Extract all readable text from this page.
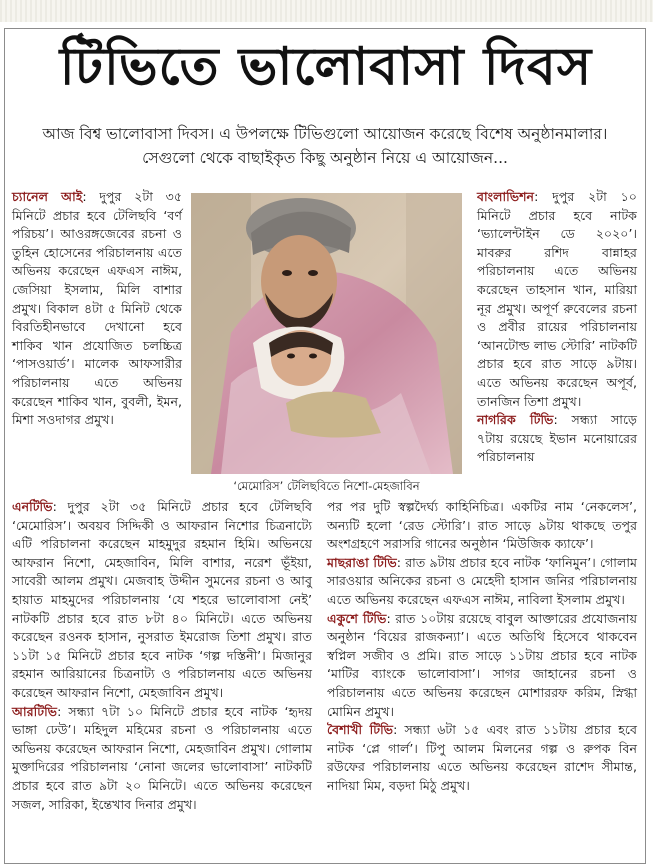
টিভিতে ভালোবাসা দিবস
আজ বিশ্ব ভালোবাসা দিবস। এ উপলক্ষে টিভিগুলো আয়োজন করেছে বিশেষ অনুষ্ঠানমালার। সেগুলো থেকে বাছাইকৃত কিছু অনুষ্ঠান নিয়ে এ আয়োজন...
‘মেমোরিস’ টেলিছবিতে নিশো-মেহজাবিন

চ্যানেল আই: দুপুর ২টা ৩৫ মিনিটে প্রচার হবে টেলিছবি ‘বর্ণ পরিচয়’। আওরঙ্গজেবের রচনা ও তুহিন হোসেনের পরিচালনায় এতে অভিনয় করেছেন এফএস নাঈম, জেসিয়া ইসলাম, মিলি বাশার প্রমুখ। বিকাল ৪টা ৫ মিনিট থেকে বিরতিহীনভাবে দেখানো হবে শাকিব খান প্রযোজিত চলচ্চিত্র ‘পাসওয়ার্ড’। মালেক আফসারীর পরিচালনায় এতে অভিনয় করেছেন শাকিব খান, বুবলী, ইমন, মিশা সওদাগর প্রমুখ।

বাংলাভিশন: দুপুর ২টা ১০ মিনিটে প্রচার হবে নাটক ‘ভ্যালেন্টাইন ডে ২০২০’। মাবরুর রশিদ বান্নাহর পরিচালনায় এতে অভিনয় করেছেন তাহসান খান, মারিয়া নূর প্রমুখ। অপূর্ণ রুবেলের রচনা ও প্রবীর রায়ের পরিচালনায় ‘আনটোল্ড লাভ স্টোরি’ নাটকটি প্রচার হবে রাত সাড়ে ৯টায়। এতে অভিনয় করেছেন অপূর্ব, তানজিন তিশা প্রমুখ।

নাগরিক টিভি: সন্ধ্যা সাড়ে ৭টায় রয়েছে ইভান মনোয়ারের পরিচালনায়

এনটিভি: দুপুর ২টা ৩৫ মিনিটে প্রচার হবে টেলিছবি ‘মেমোরিস’। অবয়ব সিদ্দিকী ও আফরান নিশোর চিত্রনাট্যে এটি পরিচালনা করেছেন মাহমুদুর রহমান হিমি। অভিনয়ে আফরান নিশো, মেহজাবিন, মিলি বাশার, নরেশ ভূঁইয়া, সাবেরী আলম প্রমুখ। মেজবাহ উদ্দীন সুমনের রচনা ও আবু হায়াত মাহমুদের পরিচালনায় ‘যে শহরে ভালোবাসা নেই’ নাটকটি প্রচার হবে রাত ৮টা ৪০ মিনিটে। এতে অভিনয় করেছেন রওনক হাসান, নুসরাত ইমরোজ তিশা প্রমুখ। রাত ১১টা ১৫ মিনিটে প্রচার হবে নাটক ‘গল্প দস্তিনী’। মিজানুর রহমান আরিয়ানের চিত্রনাট্য ও পরিচালনায় এতে অভিনয় করেছেন আফরান নিশো, মেহজাবিন প্রমুখ।

আরটিভি: সন্ধ্যা ৭টা ১০ মিনিটে প্রচার হবে নাটক ‘হৃদয় ভাঙ্গা ঢেউ’। মহিদুল মহিমের রচনা ও পরিচালনায় এতে অভিনয় করেছেন আফরান নিশো, মেহজাবিন প্রমুখ। গোলাম মুক্তাদিরের পরিচালনায় ‘নোনা জলের ভালোবাসা’ নাটকটি প্রচার হবে রাত ৯টা ২০ মিনিটে। এতে অভিনয় করেছেন সজল, সারিকা, ইন্তেখাব দিনার প্রমুখ।

পর পর দুটি স্বল্পদৈর্ঘ্য কাহিনিচিত্র। একটির নাম ‘নেকলেস’, অন্যটি হলো ‘রেড স্টোরি’। রাত সাড়ে ৯টায় থাকছে তপুর অংশগ্রহণে সরাসরি গানের অনুষ্ঠান ‘মিউজিক ক্যাফে’।

মাছরাঙা টিভি: রাত ৯টায় প্রচার হবে নাটক ‘ফানিমুন’। গোলাম সারওয়ার অনিকের রচনা ও মেহেদী হাসান জনির পরিচালনায় এতে অভিনয় করেছেন এফএস নাঈম, নাবিলা ইসলাম প্রমুখ।

একুশে টিভি: রাত ১০টায় রয়েছে বাবুল আক্তারের প্রযোজনায় অনুষ্ঠান ‘বিয়ের রাজকন্যা’। এতে অতিথি হিসেবে থাকবেন স্বপ্নিল সজীব ও প্রমি। রাত সাড়ে ১১টায় প্রচার হবে নাটক ‘মাটির ব্যাংকে ভালোবাসা’। সাগর জাহানের রচনা ও পরিচালনায় এতে অভিনয় করেছেন মোশাররফ করিম, স্নিগ্ধা মোমিন প্রমুখ।

বৈশাখী টিভি: সন্ধ্যা ৬টা ১৫ এবং রাত ১১টায় প্রচার হবে নাটক ‘প্লে গার্ল’। টিপু আলম মিলনের গল্প ও রুপক বিন রউফের পরিচালনায় এতে অভিনয় করেছেন রাশেদ সীমান্ত, নাদিয়া মিম, বড়দা মিঠু প্রমুখ।
